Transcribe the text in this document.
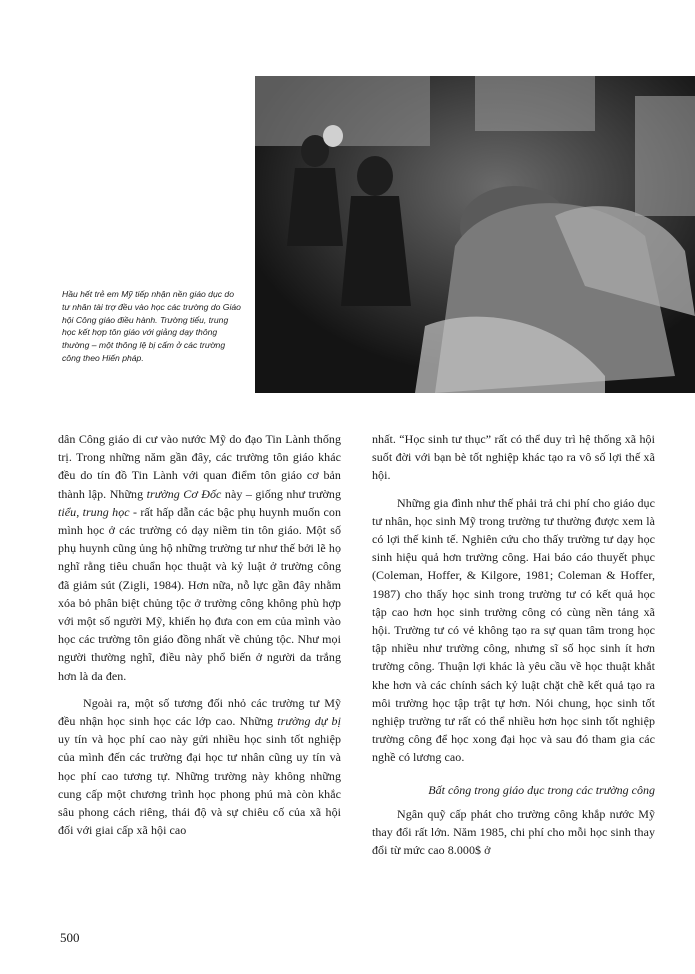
Hầu hết trẻ em Mỹ tiếp nhận nền giáo dục do tư nhân tài trợ đều vào học các trường do Giáo hội Công giáo điều hành. Trường tiểu, trung học kết hợp tôn giáo với giảng dạy thông thường – một thông lệ bị cấm ở các trường công theo Hiến pháp.

dân Công giáo di cư vào nước Mỹ do đạo Tin Lành thống trị. Trong những năm gần đây, các trường tôn giáo khác đều do tín đồ Tin Lành với quan điểm tôn giáo cơ bản thành lập. Những trường Cơ Đốc này – giống như trường tiểu, trung học - rất hấp dẫn các bậc phụ huynh muốn con mình học ở các trường có dạy niềm tin tôn giáo. Một số phụ huynh cũng ủng hộ những trường tư như thế bởi lẽ họ nghĩ rằng tiêu chuẩn học thuật và kỷ luật ở trường công đã giảm sút (Zigli, 1984). Hơn nữa, nỗ lực gần đây nhằm xóa bỏ phân biệt chủng tộc ở trường công không phù hợp với một số người Mỹ, khiến họ đưa con em của mình vào học các trường tôn giáo đồng nhất về chủng tộc. Như mọi người thường nghĩ, điều này phổ biến ở người da trắng hơn là da đen.

Ngoài ra, một số tương đối nhỏ các trường tư Mỹ đều nhận học sinh học các lớp cao. Những trường dự bị uy tín và học phí cao này gửi nhiều học sinh tốt nghiệp của mình đến các trường đại học tư nhân cũng uy tín và học phí cao tương tự. Những trường này không những cung cấp một chương trình học phong phú mà còn khắc sâu phong cách riêng, thái độ và sự chiêu cố của xã hội đối với giai cấp xã hội cao

nhất. “Học sinh tư thục” rất có thể duy trì hệ thống xã hội suốt đời với bạn bè tốt nghiệp khác tạo ra vô số lợi thế xã hội.

Những gia đình như thế phải trả chi phí cho giáo dục tư nhân, học sinh Mỹ trong trường tư thường được xem là có lợi thế kinh tế. Nghiên cứu cho thấy trường tư dạy học sinh hiệu quả hơn trường công. Hai báo cáo thuyết phục (Coleman, Hoffer, & Kilgore, 1981; Coleman & Hoffer, 1987) cho thấy học sinh trong trường tư có kết quả học tập cao hơn học sinh trường công có cùng nền tảng xã hội. Trường tư có vẻ không tạo ra sự quan tâm trong học tập nhiều như trường công, nhưng sĩ số học sinh ít hơn trường công. Thuận lợi khác là yêu cầu về học thuật khắt khe hơn và các chính sách kỷ luật chặt chẽ kết quả tạo ra môi trường học tập trật tự hơn. Nói chung, học sinh tốt nghiệp trường tư rất có thể nhiều hơn học sinh tốt nghiệp trường công để học xong đại học và sau đó tham gia các nghề có lương cao.

Bất công trong giáo dục trong các trường công

Ngân quỹ cấp phát cho trường công khắp nước Mỹ thay đổi rất lớn. Năm 1985, chi phí cho mỗi học sinh thay đổi từ mức cao 8.000$ ở

500
